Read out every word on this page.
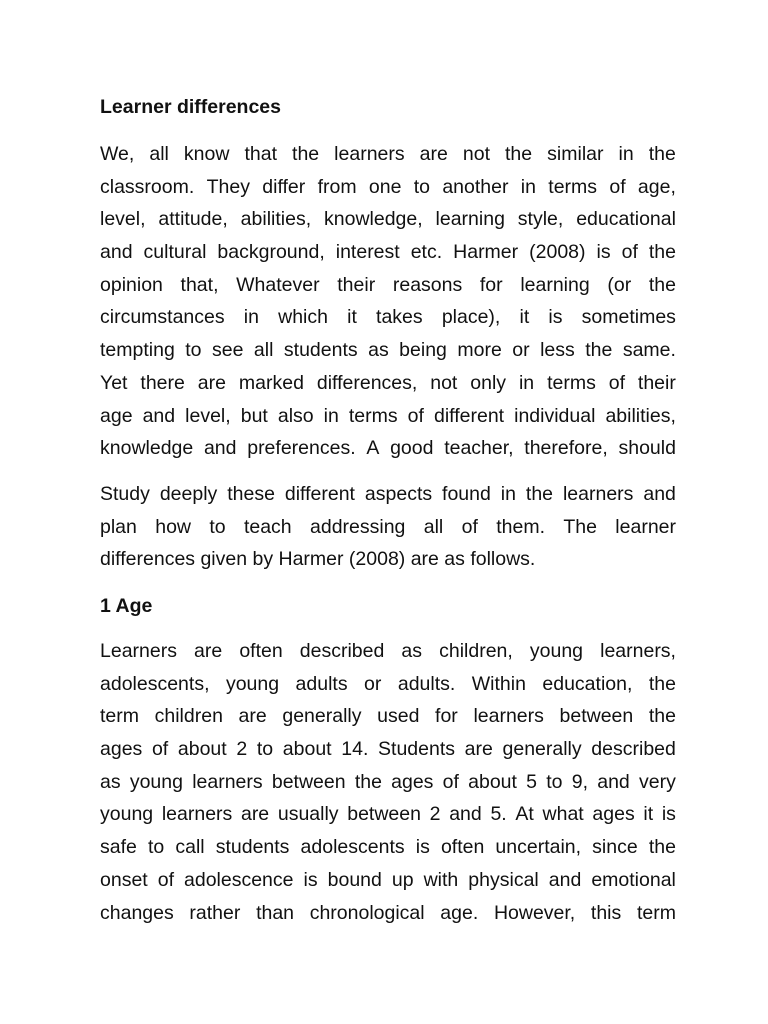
Learner differences
We, all know that the learners are not the similar in the
classroom. They differ from one to another in terms of age,
level, attitude, abilities, knowledge, learning style, educational
and cultural background, interest etc. Harmer (2008) is of the
opinion that, Whatever their reasons for learning (or the
circumstances in which it takes place), it is sometimes
tempting to see all students as being more or less the same.
Yet there are marked differences, not only in terms of their
age and level, but also in terms of different individual abilities,
knowledge and preferences. A good teacher, therefore, should
Study deeply these different aspects found in the learners and
plan how to teach addressing all of them. The learner
differences given by Harmer (2008) are as follows.
1 Age
Learners are often described as children, young learners,
adolescents, young adults or adults. Within education, the
term children are generally used for learners between the
ages of about 2 to about 14. Students are generally described
as young learners between the ages of about 5 to 9, and very
young learners are usually between 2 and 5. At what ages it is
safe to call students adolescents is often uncertain, since the
onset of adolescence is bound up with physical and emotional
changes rather than chronological age. However, this term
